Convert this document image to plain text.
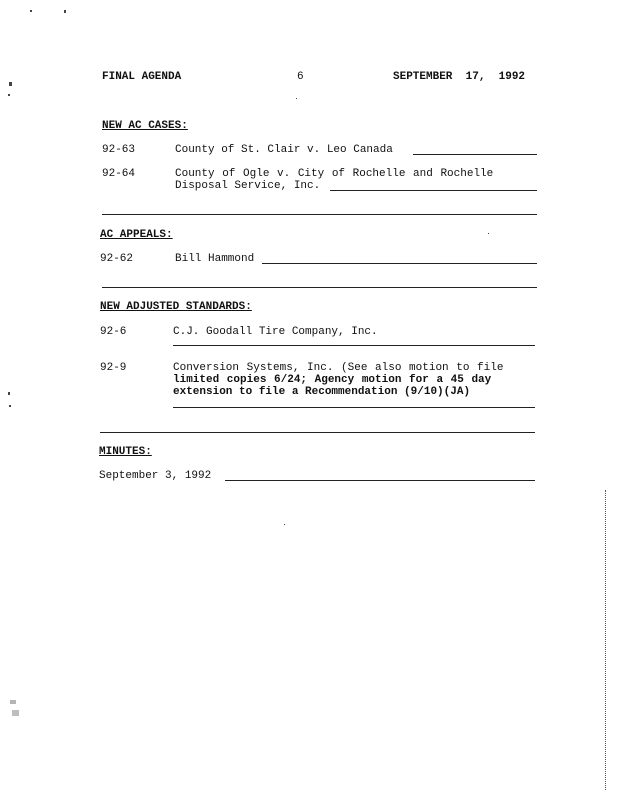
FINAL AGENDA	6	SEPTEMBER  17,  1992
NEW AC CASES:
92-63	County of St. Clair v. Leo Canada
92-64	County of Ogle v. City of Rochelle and Rochelle
Disposal Service, Inc.
AC APPEALS:
92-62	Bill Hammond
NEW ADJUSTED STANDARDS:
92-6	C.J. Goodall Tire Company, Inc.
92-9	Conversion Systems, Inc. (See also motion to file
limited copies 6/24; Agency motion for a 45 day
extension to file a Recommendation (9/10)(JA)
MINUTES:
September 3, 1992
